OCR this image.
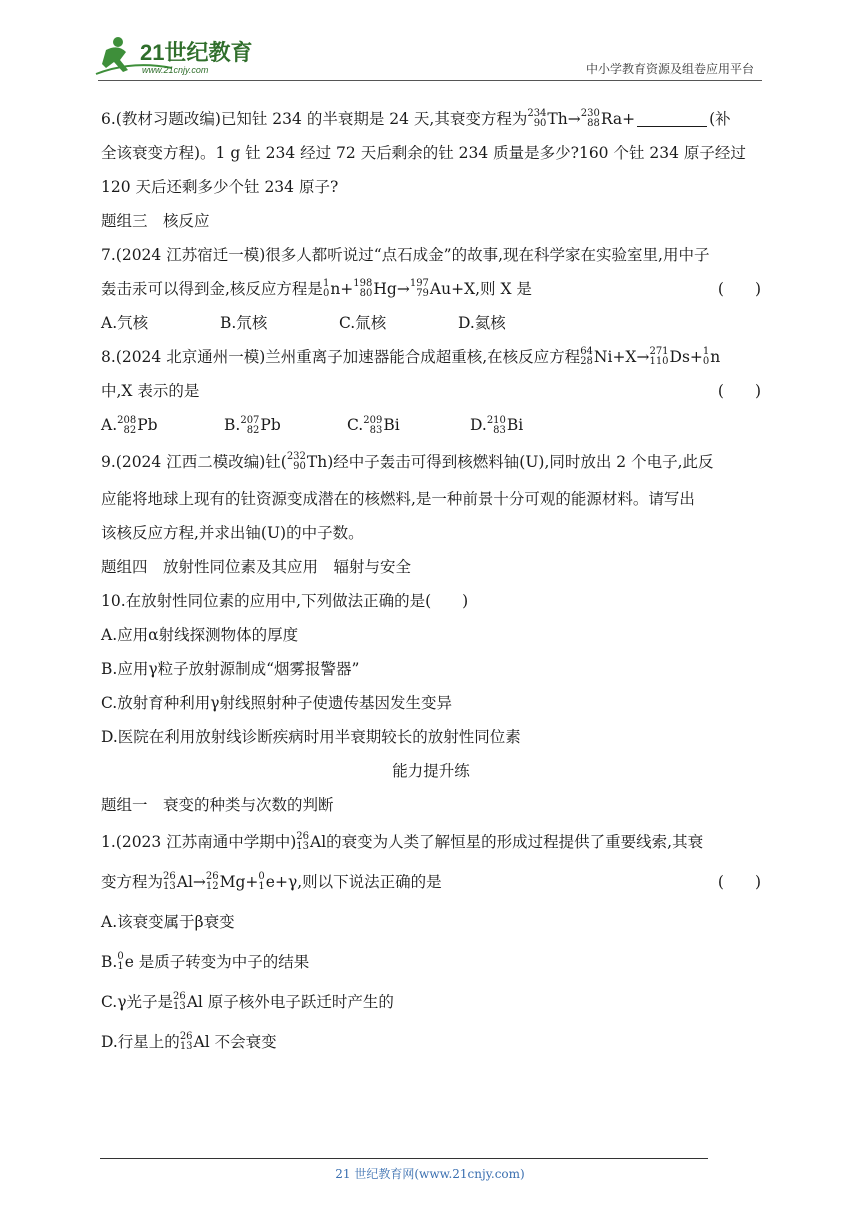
21世纪教育
www.21cnjy.com	中小学教育资源及组卷应用平台
6.(教材习题改编)已知钍 234 的半衰期是 24 天,其衰变方程为 234
90 Th→ 230
88 Ra+	(补
全该衰变方程)。1 g 钍 234 经过 72 天后剩余的钍 234 质量是多少?160 个钍 234 原子经过
120 天后还剩多少个钍 234 原子?
题组三　核反应
7.(2024 江苏宿迁一模)很多人都听说过“点石成金”的故事,现在科学家在实验室里,用中子
轰击汞可以得到金,核反应方程是 1
0 n+ 198
80 Hg→ 197
79 Au+X,则 X 是	(　　)
A.氕核	B.氘核	C.氚核	D.氦核
8.(2024 北京通州一模)兰州重离子加速器能合成超重核,在核反应方程 64
28 Ni+X→ 271
110 Ds+ 1
0 n
中,X 表示的是	(　　)
A. 208
82 Pb	B. 207
82 Pb	C. 209
83 Bi	D. 210
83 Bi
9.(2024 江西二模改编)钍( 232
90 Th) 经中子轰击可得到核燃料铀(U),同时放出 2 个电子,此反
应能将地球上现有的钍资源变成潜在的核燃料,是一种前景十分可观的能源材料。请写出
该核反应方程,并求出铀(U)的中子数。
题组四　放射性同位素及其应用　辐射与安全
10.在放射性同位素的应用中,下列做法正确的是(　　)
A.应用α射线探测物体的厚度
B.应用γ粒子放射源制成“烟雾报警器”
C.放射育种利用γ射线照射种子使遗传基因发生变异
D.医院在利用放射线诊断疾病时用半衰期较长的放射性同位素
能力提升练
题组一　衰变的种类与次数的判断
1.(2023 江苏南通中学期中) 26
13 Al 的衰变为人类了解恒星的形成过程提供了重要线索,其衰
变方程为 26
13 Al→ 26
12 Mg+ 0
1 e+γ,则以下说法正确的是	(　　)
A.该衰变属于β衰变
B. 0
1 e 是质子转变为中子的结果
C.γ光子是 26
13 Al 原子核外电子跃迁时产生的
D.行星上的 26
13 Al 不会衰变
21 世纪教育网(www.21cnjy.com)
